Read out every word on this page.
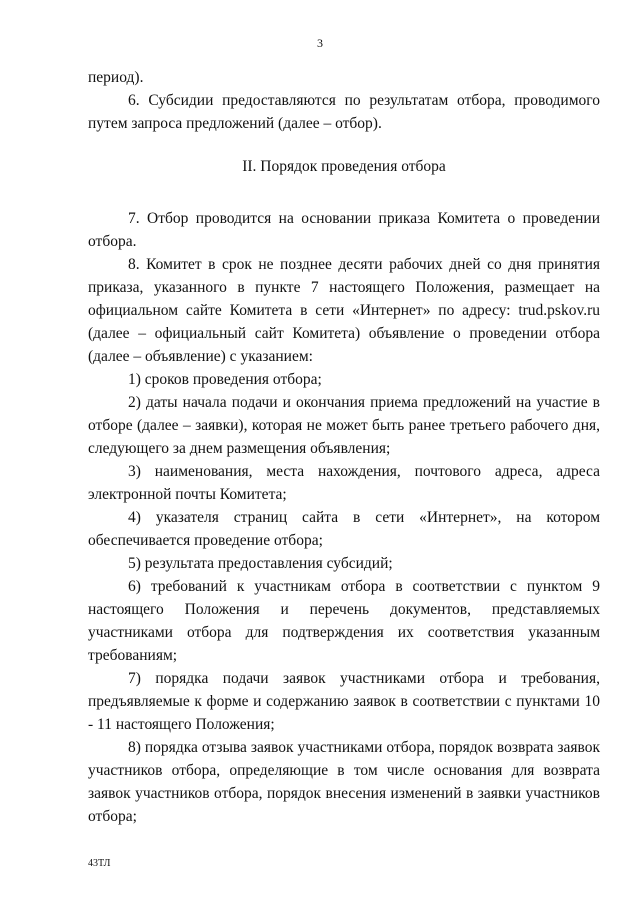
3

период).

6. Субсидии предоставляются по результатам отбора, проводимого путем запроса предложений (далее – отбор).

II. Порядок проведения отбора

7. Отбор проводится на основании приказа Комитета о проведении отбора.

8. Комитет в срок не позднее десяти рабочих дней со дня принятия приказа, указанного в пункте 7 настоящего Положения, размещает на официальном сайте Комитета в сети «Интернет» по адресу: trud.pskov.ru (далее – официальный сайт Комитета) объявление о проведении отбора (далее – объявление) с указанием:

1) сроков проведения отбора;

2) даты начала подачи и окончания приема предложений на участие в отборе (далее – заявки), которая не может быть ранее третьего рабочего дня, следующего за днем размещения объявления;

3) наименования, места нахождения, почтового адреса, адреса электронной почты Комитета;

4) указателя страниц сайта в сети «Интернет», на котором обеспечивается проведение отбора;

5) результата предоставления субсидий;

6) требований к участникам отбора в соответствии с пунктом 9 настоящего Положения и перечень документов, представляемых участниками отбора для подтверждения их соответствия указанным требованиям;

7) порядка подачи заявок участниками отбора и требования, предъявляемые к форме и содержанию заявок в соответствии с пунктами 10 - 11 настоящего Положения;

8) порядка отзыва заявок участниками отбора, порядок возврата заявок участников отбора, определяющие в том числе основания для возврата заявок участников отбора, порядок внесения изменений в заявки участников отбора;

43ТЛ
